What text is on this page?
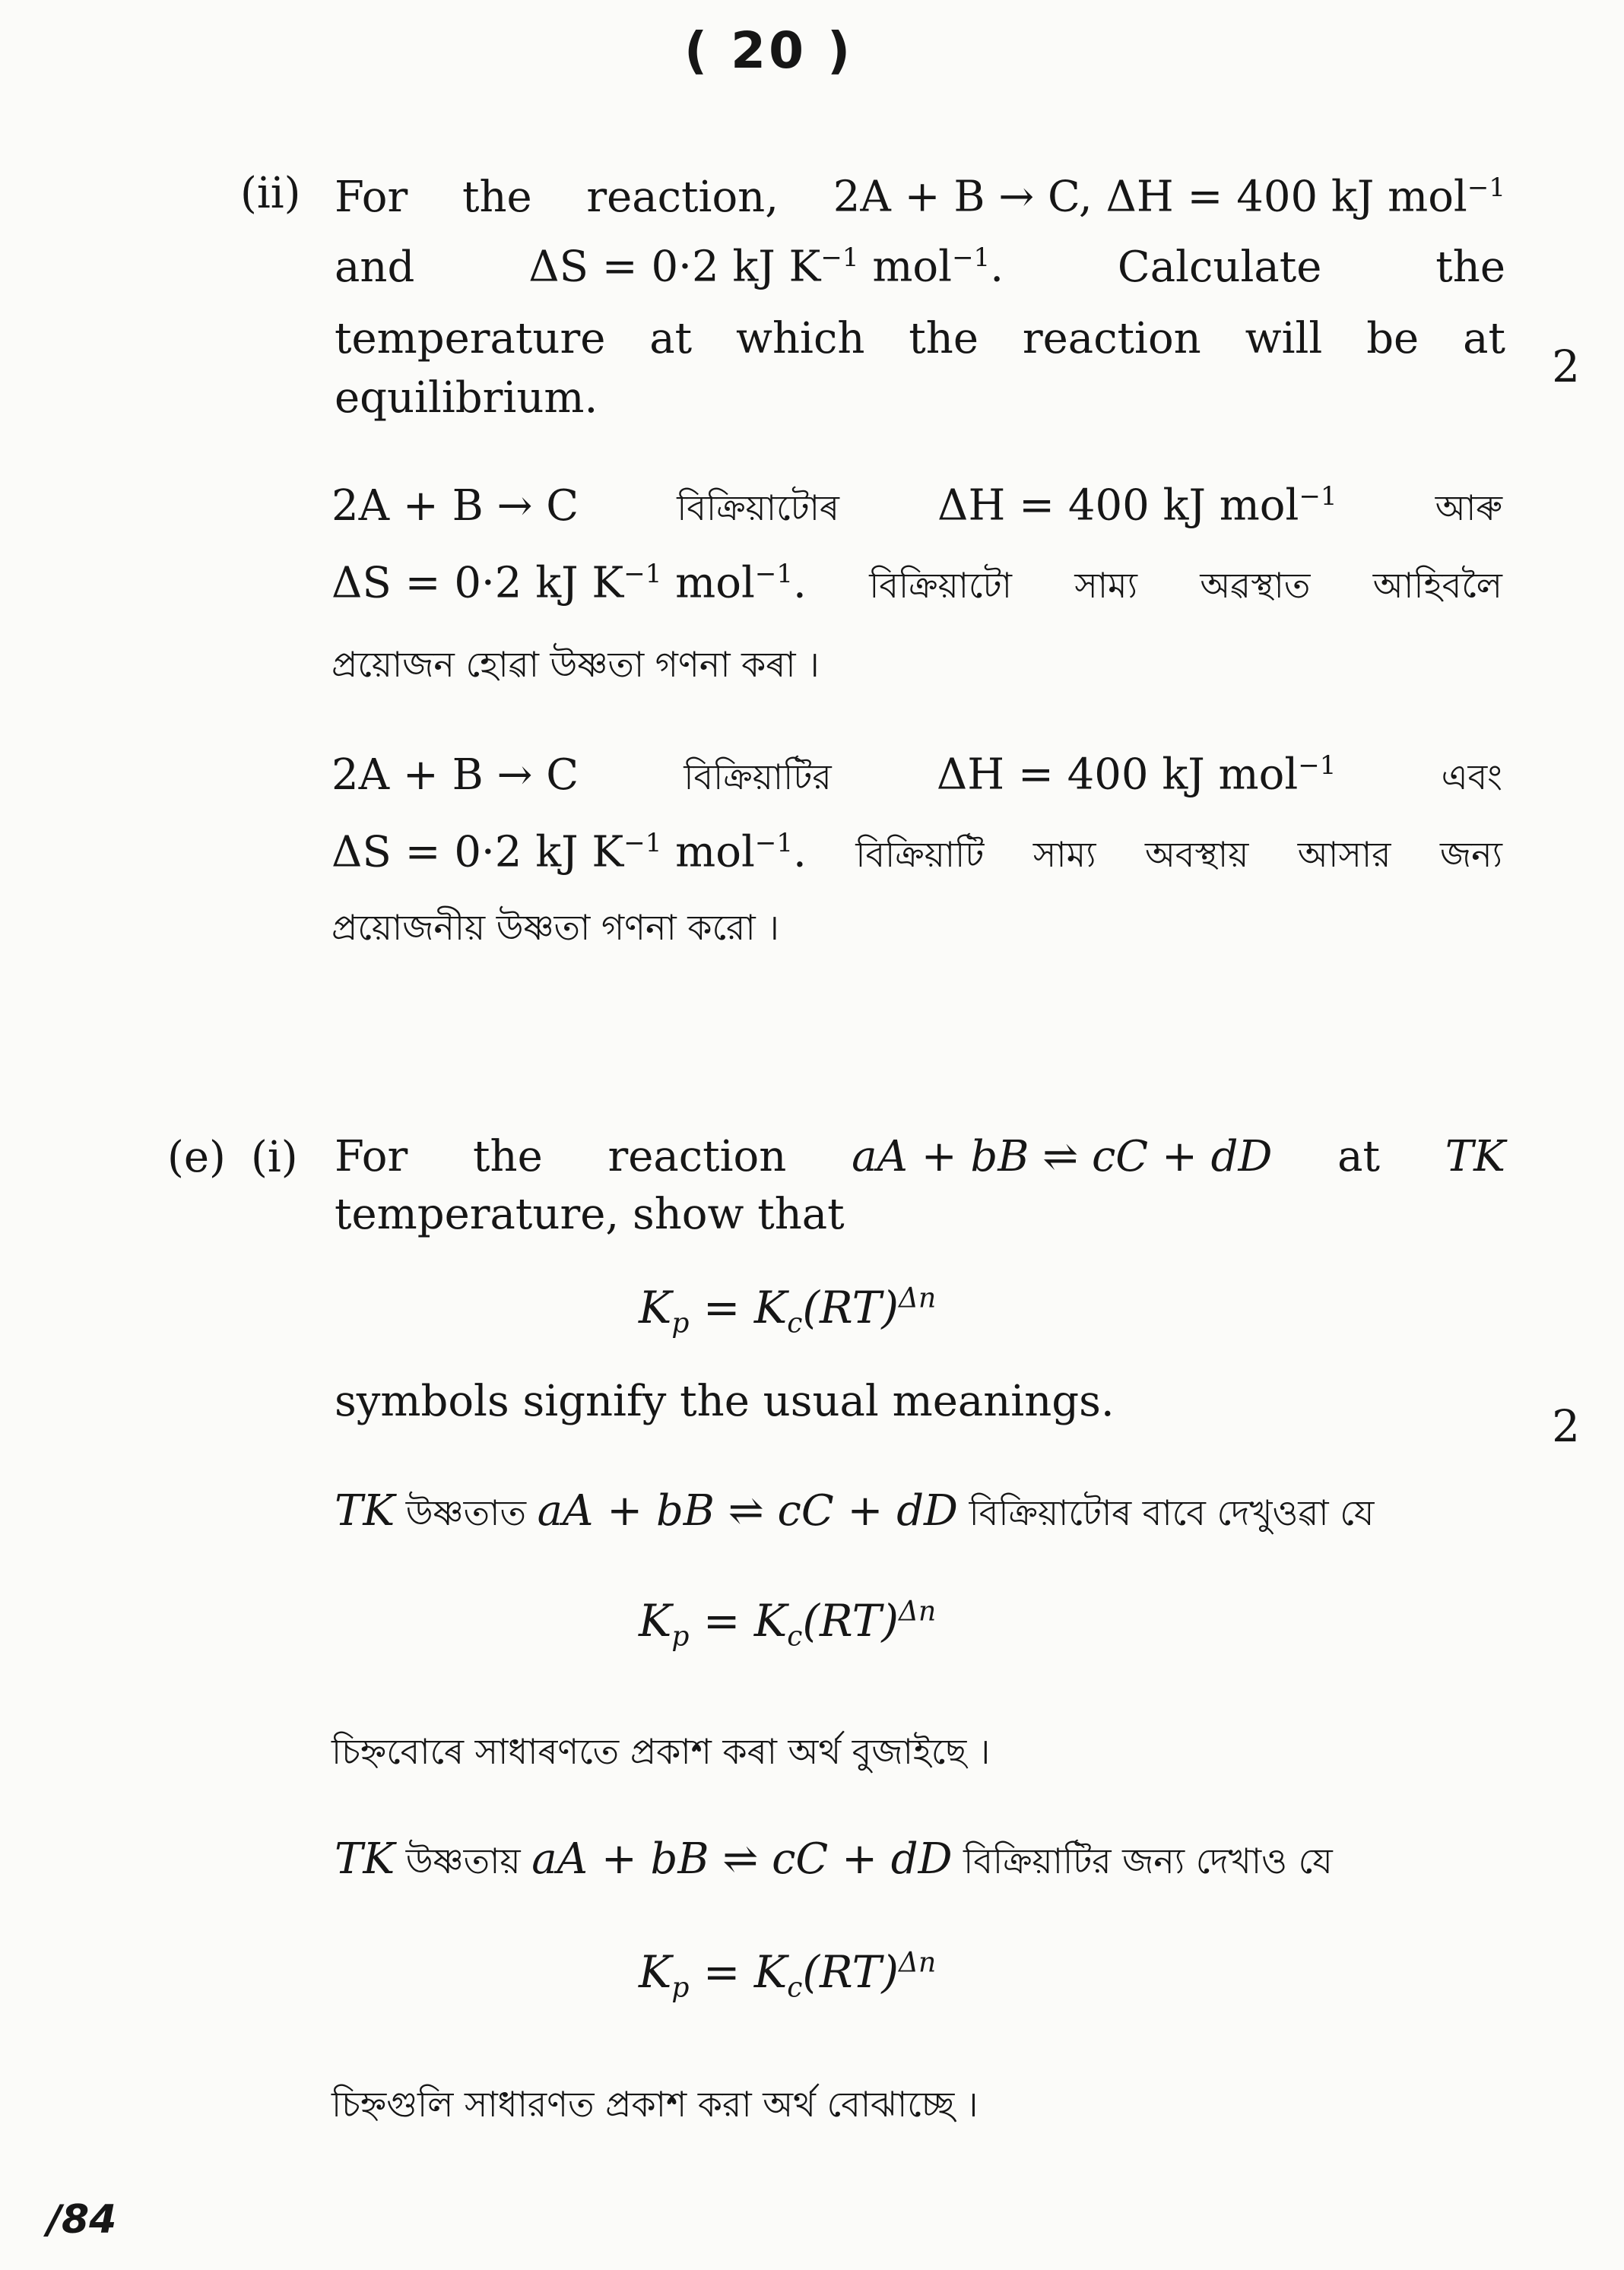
( 20 )
(ii) For the reaction, 2A + B → C, ΔH = 400 kJ mol$^{-1}$
and	ΔS = 0·2 kJ $K^{-1}$ mol$^{-1}$.	Calculate	the
temperature at which the reaction will be at
equilibrium.
2
2A + B → C	বিক্ৰিয়াটোৰ ΔH = 400 kJ mol$^{-1}$	আৰু
ΔS = 0·2 kJ $K^{-1}$ mol$^{-1}$. বিক্ৰিয়াটো সাম্য অৱস্থাত আহিবলৈ
প্ৰয়োজন হোৱা উষ্ণতা গণনা কৰা ।
2A + B → C	বিক্রিয়াটির ΔH = 400 kJ mol$^{-1}$	এবং
ΔS = 0·2 kJ $K^{-1}$ mol$^{-1}$. বিক্রিয়াটি সাম্য অবস্থায় আসার জন্য
প্রয়োজনীয় উষ্ণতা গণনা করো ।
(e) (i) For the reaction aA + bB ⇌ cC + dD at TK
temperature, show that
$K_p = K_c(RT)^{\Delta n}$
symbols signify the usual meanings.	2
TK উষ্ণতাত aA + bB ⇌ cC + dD বিক্ৰিয়াটোৰ বাবে দেখুওৱা যে
$K_p = K_c(RT)^{\Delta n}$
চিহ্নবোৰে সাধাৰণতে প্ৰকাশ কৰা অৰ্থ বুজাইছে ।
TK উষ্ণতায় aA + bB ⇌ cC + dD বিক্রিয়াটির জন্য দেখাও যে
$K_p = K_c(RT)^{\Delta n}$
চিহ্নগুলি সাধারণত প্রকাশ করা অর্থ বোঝাচ্ছে ।
/84
